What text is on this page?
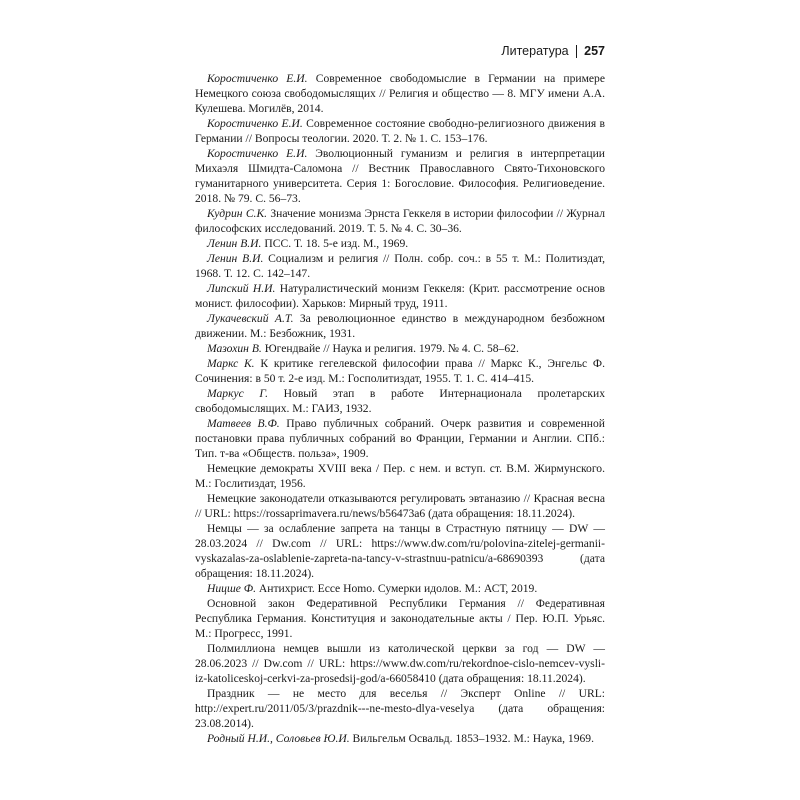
Литература 257

Коростиченко Е.И. Современное свободомыслие в Германии на примере Немецкого союза свободомыслящих // Религия и общество — 8. МГУ имени А.А. Кулешева. Могилёв, 2014.

Коростиченко Е.И. Современное состояние свободно-религиозного движения в Германии // Вопросы теологии. 2020. Т. 2. № 1. С. 153–176.

Коростиченко Е.И. Эволюционный гуманизм и религия в интерпретации Михаэля Шмидта-Саломона // Вестник Православного Свято-Тихоновского гуманитарного университета. Серия 1: Богословие. Философия. Религиоведение. 2018. № 79. С. 56–73.

Кудрин С.К. Значение монизма Эрнста Геккеля в истории философии // Журнал философских исследований. 2019. Т. 5. № 4. С. 30–36.

Ленин В.И. ПСС. Т. 18. 5-е изд. М., 1969.

Ленин В.И. Социализм и религия // Полн. собр. соч.: в 55 т. М.: Политиздат, 1968. Т. 12. С. 142–147.

Липский Н.И. Натуралистический монизм Геккеля: (Крит. рассмотрение основ монист. философии). Харьков: Мирный труд, 1911.

Лукачевский А.Т. За революционное единство в международном безбожном движении. М.: Безбожник, 1931.

Мазохин В. Югендвайе // Наука и религия. 1979. № 4. С. 58–62.

Маркс К. К критике гегелевской философии права // Маркс К., Энгельс Ф. Сочинения: в 50 т. 2-е изд. М.: Госполитиздат, 1955. Т. 1. С. 414–415.

Маркус Г. Новый этап в работе Интернационала пролетарских свободомыслящих. М.: ГАИЗ, 1932.

Матвеев В.Ф. Право публичных собраний. Очерк развития и современной постановки права публичных собраний во Франции, Германии и Англии. СПб.: Тип. т-ва «Обществ. польза», 1909.

Немецкие демократы XVIII века / Пер. с нем. и вступ. ст. В.М. Жирмунского. М.: Гослитиздат, 1956.

Немецкие законодатели отказываются регулировать эвтаназию // Красная весна // URL: https://rossaprimavera.ru/news/b56473a6 (дата обращения: 18.11.2024).

Немцы — за ослабление запрета на танцы в Страстную пятницу — DW — 28.03.2024 // Dw.com // URL: https://www.dw.com/ru/polovina-zitelej-germanii-vyskazalas-za-oslablenie-zapreta-na-tancy-v-strastnuu-patnicu/a-68690393 (дата обращения: 18.11.2024).

Ницше Ф. Антихрист. Ecce Homo. Сумерки идолов. М.: АСТ, 2019.

Основной закон Федеративной Республики Германия // Федеративная Республика Германия. Конституция и законодательные акты / Пер. Ю.П. Урьяс. М.: Прогресс, 1991.

Полмиллиона немцев вышли из католической церкви за год — DW — 28.06.2023 // Dw.com // URL: https://www.dw.com/ru/rekordnoe-cislo-nemcev-vysli-iz-katoliceskoj-cerkvi-za-prosedsij-god/a-66058410 (дата обращения: 18.11.2024).

Праздник — не место для веселья // Эксперт Online // URL: http://expert.ru/2011/05/3/prazdnik---ne-mesto-dlya-veselya (дата обращения: 23.08.2014).

Родный Н.И., Соловьев Ю.И. Вильгельм Освальд. 1853–1932. М.: Наука, 1969.
